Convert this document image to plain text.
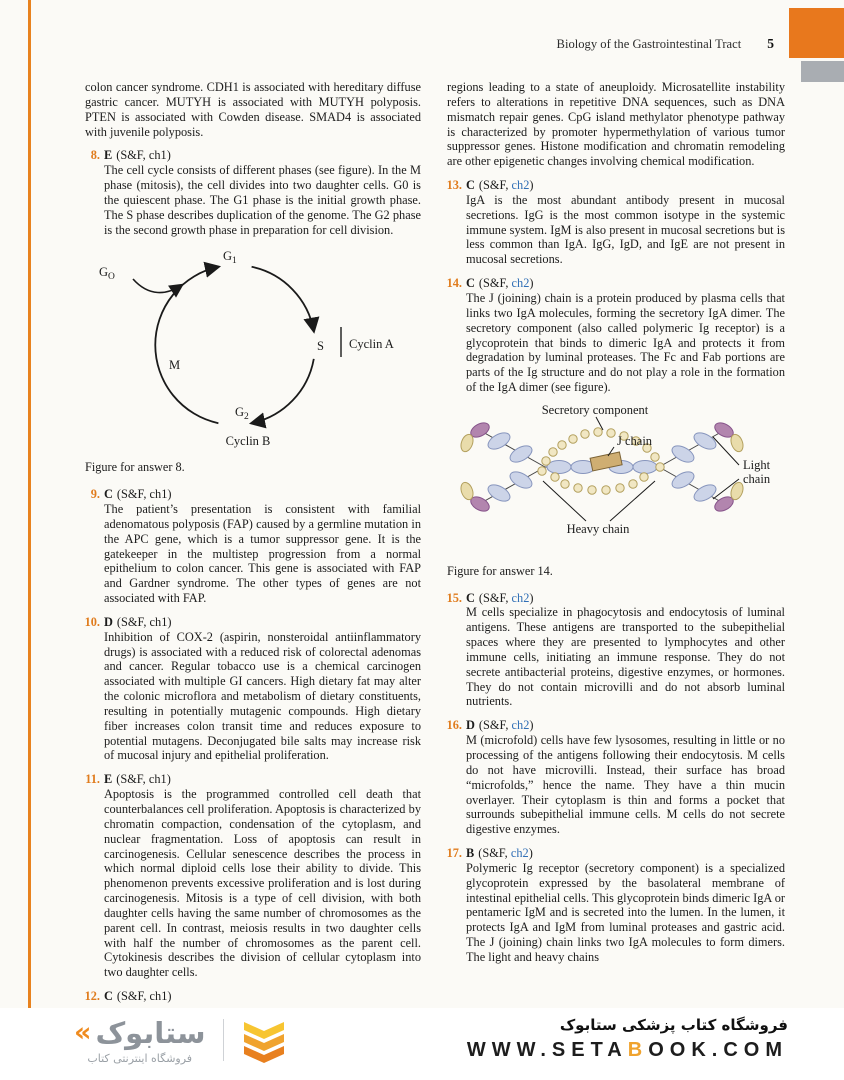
Biology of the Gastrointestinal Tract 5
colon cancer syndrome. CDH1 is associated with hereditary diffuse gastric cancer. MUTYH is associated with MUTYH polyposis. PTEN is associated with Cowden disease. SMAD4 is associated with juvenile polyposis.
8. E (S&F, ch1)
The cell cycle consists of different phases (see figure). In the M phase (mitosis), the cell divides into two daughter cells. G0 is the quiescent phase. The G1 phase is the initial growth phase. The S phase describes duplication of the genome. The G2 phase is the second growth phase in preparation for cell division.
$G_O$
$G_1$
S
M
$G_2$
Cyclin A
Cyclin B
Figure for answer 8.
9. C (S&F, ch1)
The patient’s presentation is consistent with familial adenomatous polyposis (FAP) caused by a germline mutation in the APC gene, which is a tumor suppressor gene. It is the gatekeeper in the multistep progression from a normal epithelium to colon cancer. This gene is associated with FAP and Gardner syndrome. The other types of genes are not associated with FAP.
10. D (S&F, ch1)
Inhibition of COX-2 (aspirin, nonsteroidal antiinflammatory drugs) is associated with a reduced risk of colorectal adenomas and cancer. Regular tobacco use is a chemical carcinogen associated with multiple GI cancers. High dietary fat may alter the colonic microflora and metabolism of dietary constituents, resulting in potentially mutagenic compounds. High dietary fiber increases colon transit time and reduces exposure to potential mutagens. Deconjugated bile salts may increase risk of mucosal injury and epithelial proliferation.
11. E (S&F, ch1)
Apoptosis is the programmed controlled cell death that counterbalances cell proliferation. Apoptosis is characterized by chromatin compaction, condensation of the cytoplasm, and nuclear fragmentation. Loss of apoptosis can result in carcinogenesis. Cellular senescence describes the process in which normal diploid cells lose their ability to divide. This phenomenon prevents excessive proliferation and is lost during carcinogenesis. Mitosis is a type of cell division, with both daughter cells having the same number of chromosomes as the parent cell. In contrast, meiosis results in two daughter cells with half the number of chromosomes as the parent cell. Cytokinesis describes the division of cellular cytoplasm into two daughter cells.
12. C (S&F, ch1)
regions leading to a state of aneuploidy. Microsatellite instability refers to alterations in repetitive DNA sequences, such as DNA mismatch repair genes. CpG island methylator phenotype pathway is characterized by promoter hypermethylation of various tumor suppressor genes. Histone modification and chromatin remodeling are other epigenetic changes involving chemical modification.
13. C (S&F, ch2)
IgA is the most abundant antibody present in mucosal secretions. IgG is the most common isotype in the systemic immune system. IgM is also present in mucosal secretions but is less common than IgA. IgG, IgD, and IgE are not present in mucosal secretions.
14. C (S&F, ch2)
The J (joining) chain is a protein produced by plasma cells that links two IgA molecules, forming the secretory IgA dimer. The secretory component (also called polymeric Ig receptor) is a glycoprotein that binds to dimeric IgA and protects it from degradation by luminal proteases. The Fc and Fab portions are parts of the Ig structure and do not play a role in the formation of the IgA dimer (see figure).
Secretory component
J chain
Light
chain
Heavy chain
Figure for answer 14.
15. C (S&F, ch2)
M cells specialize in phagocytosis and endocytosis of luminal antigens. These antigens are transported to the subepithelial spaces where they are presented to lymphocytes and other immune cells, initiating an immune response. They do not secrete antibacterial proteins, digestive enzymes, or hormones. They do not contain microvilli and do not absorb luminal nutrients.
16. D (S&F, ch2)
M (microfold) cells have few lysosomes, resulting in little or no processing of the antigens following their endocytosis. M cells do not have microvilli. Instead, their surface has broad “microfolds,” hence the name. They have a thin mucin overlayer. Their cytoplasm is thin and forms a pocket that surrounds subepithelial immune cells. M cells do not secrete digestive enzymes.
17. B (S&F, ch2)
Polymeric Ig receptor (secretory component) is a specialized glycoprotein expressed by the basolateral membrane of intestinal epithelial cells. This glycoprotein binds dimeric IgA or pentameric IgM and is secreted into the lumen. In the lumen, it protects IgA and IgM from luminal proteases and gastric acid. The J (joining) chain links two IgA molecules to form dimers. The light and heavy chains
« ستابوک
فروشگاه اینترنتی کتاب
فروشگاه کتاب پزشکی ستابوک
WWW.SETABOOK.COM
